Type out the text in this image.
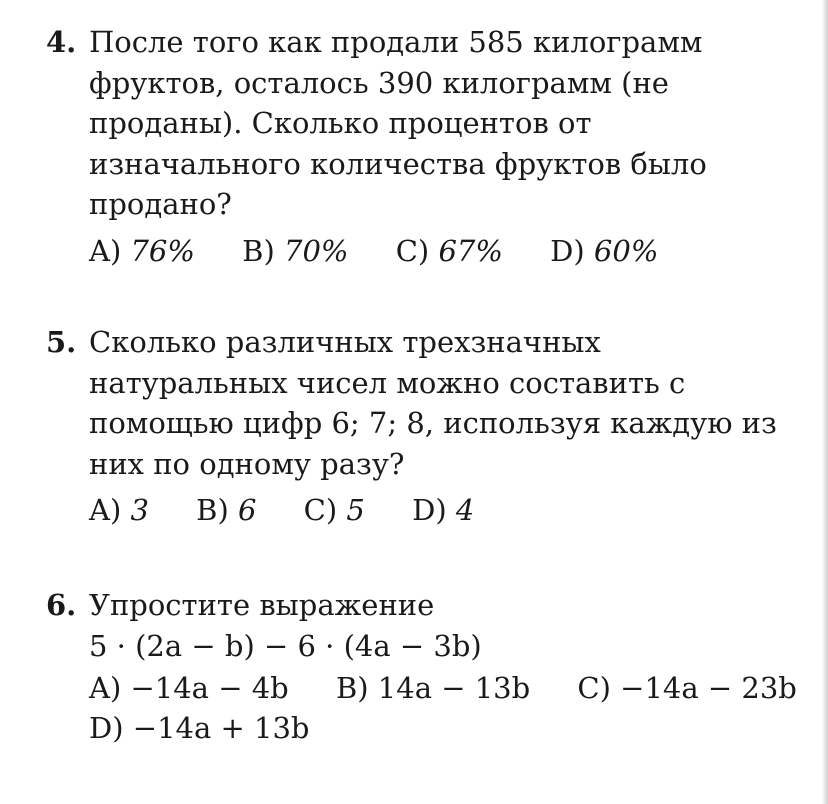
4. После того как продали 585 килограмм
фруктов, осталось 390 килограмм (не
проданы). Сколько процентов от
изначального количества фруктов было
продано?
A) 76% B) 70% C) 67% D) 60%
5. Сколько различных трехзначных
натуральных чисел можно составить с
помощью цифр 6; 7; 8, используя каждую из
них по одному разу?
A) 3 B) 6 C) 5 D) 4
6. Упростите выражение
5 · (2a − b) − 6 · (4a − 3b)
A) −14a − 4b B) 14a − 13b C) −14a − 23b
D) −14a + 13b
